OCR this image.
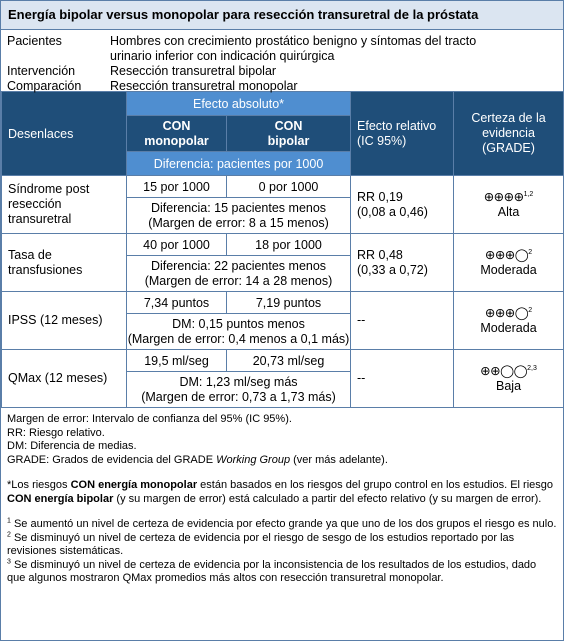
Energía bipolar versus monopolar para resección transuretral de la próstata
Pacientes	Hombres con crecimiento prostático benigno y síntomas del tracto
urinario inferior con indicación quirúrgica
Intervención	Resección transuretral bipolar
Comparación	Resección transuretral monopolar
Desenlaces	Efecto absoluto*		Efecto relativo (IC 95%)	Certeza de la evidencia (GRADE)
	CON monopolar	CON bipolar		
	Diferencia: pacientes por 1000			
Síndrome post resección transuretral	15 por 1000	0 por 1000	RR 0,19
(0,08 a 0,46)	⊕⊕⊕⊕$^{1,2}$
Alta
	Diferencia: 15 pacientes menos
(Margen de error: 8 a 15 menos)			
Tasa de transfusiones	40 por 1000	18 por 1000	RR 0,48
(0,33 a 0,72)	⊕⊕⊕◯$^2$
Moderada
	Diferencia: 22 pacientes menos
(Margen de error: 14 a 28 menos)			
IPSS (12 meses)	7,34 puntos	7,19 puntos	--	⊕⊕⊕◯$^2$
Moderada
	DM: 0,15 puntos menos
(Margen de error: 0,4 menos a 0,1 más)			
QMax (12 meses)	19,5 ml/seg	20,73 ml/seg	--	⊕⊕◯◯$^{2,3}$
Baja
	DM: 1,23 ml/seg más
(Margen de error: 0,73 a 1,73 más)			

Margen de error: Intervalo de confianza del 95% (IC 95%).

RR: Riesgo relativo.

DM: Diferencia de medias.

GRADE: Grados de evidencia del GRADE Working Group (ver más adelante).

*Los riesgos CON energía monopolar están basados en los riesgos del grupo control en los estudios. El riesgo CON energía bipolar (y su margen de error) está calculado a partir del efecto relativo (y su margen de error).

$^1$ Se aumentó un nivel de certeza de evidencia por efecto grande ya que uno de los dos grupos el riesgo es nulo.

$^2$ Se disminuyó un nivel de certeza de evidencia por el riesgo de sesgo de los estudios reportado por las revisiones sistemáticas.

$^3$ Se disminuyó un nivel de certeza de evidencia por la inconsistencia de los resultados de los estudios, dado que algunos mostraron QMax promedios más altos con resección transuretral monopolar.
